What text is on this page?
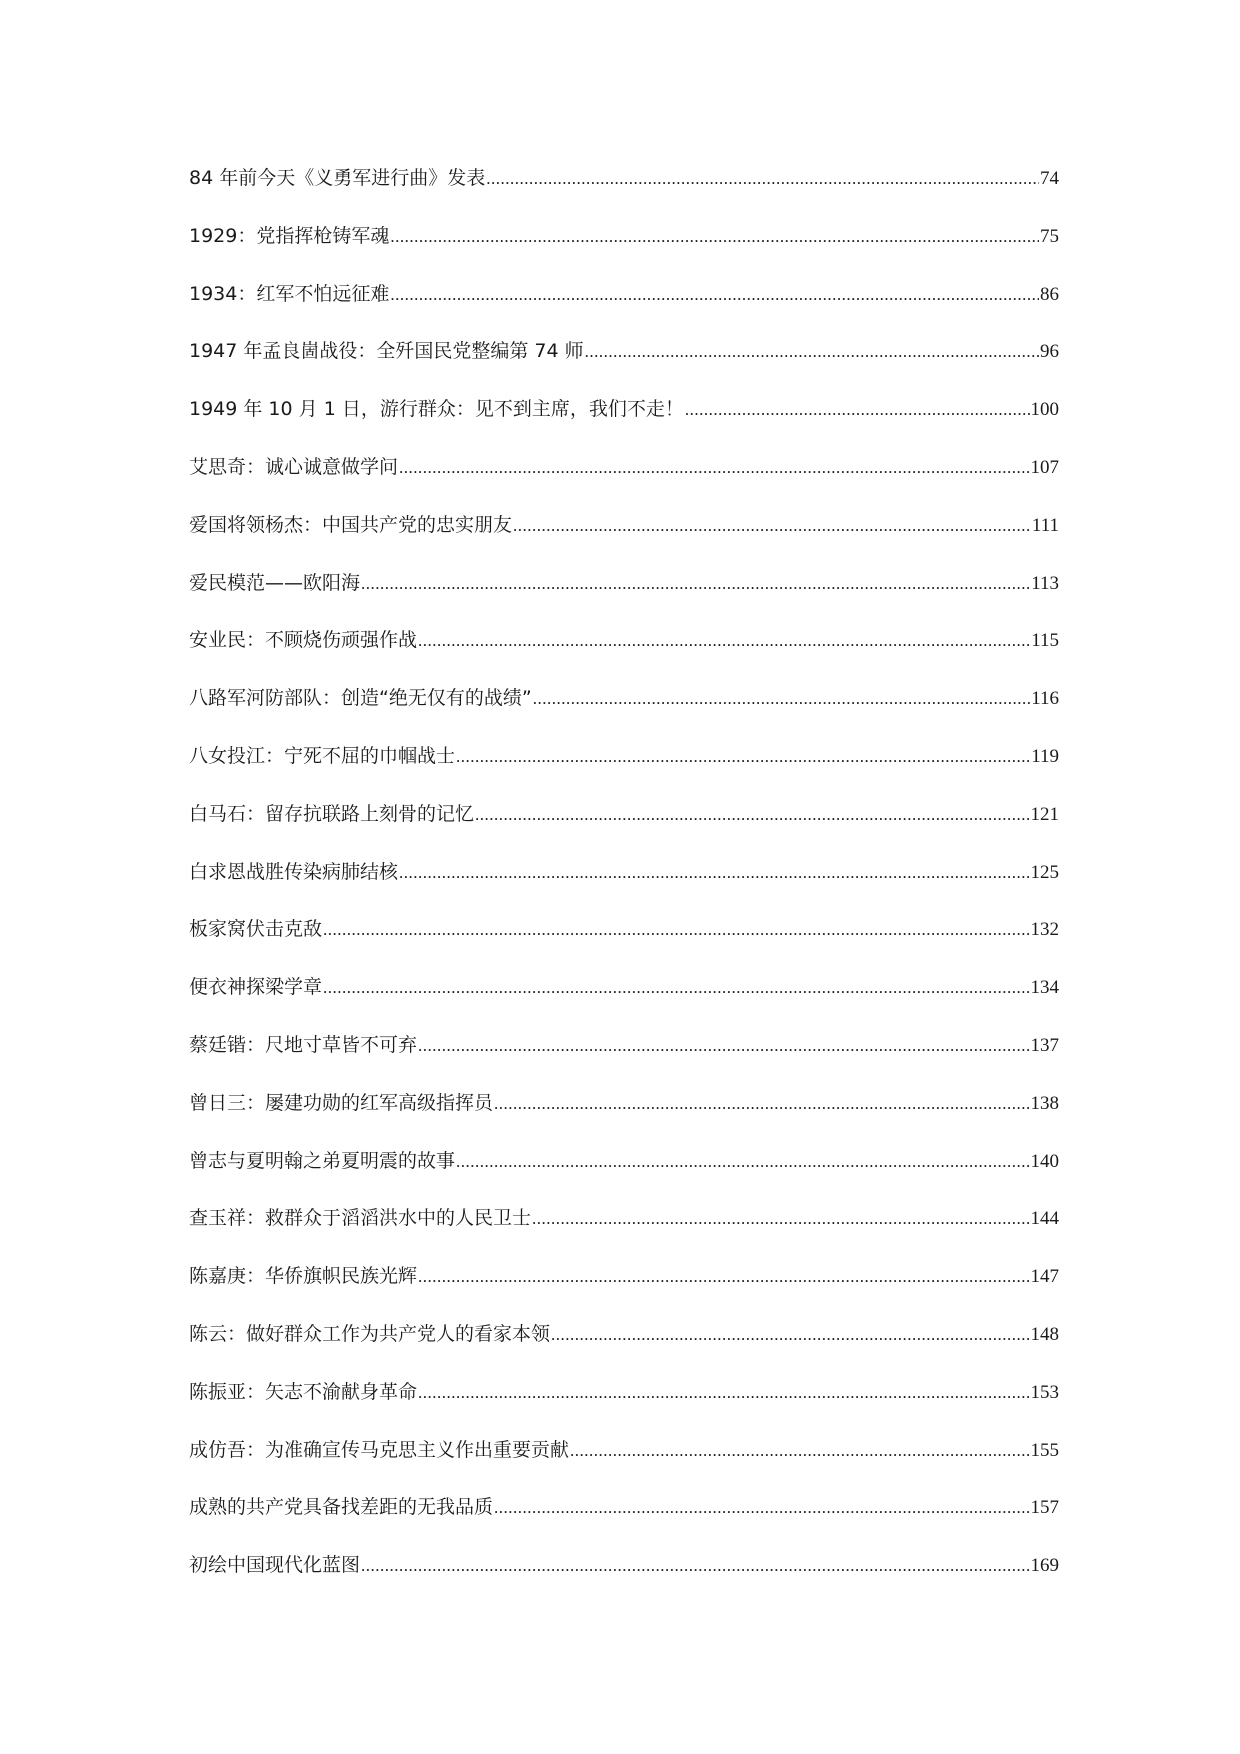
84 年前今天《义勇军进行曲》发表 .....	74
1929：党指挥枪铸军魂 .....	75
1934：红军不怕远征难 .....	86
1947 年孟良崮战役：全歼国民党整编第 74 师 .....	96
1949 年 10 月 1 日，游行群众：见不到主席，我们不走！ .....	100
艾思奇：诚心诚意做学问 .....	107
爱国将领杨杰：中国共产党的忠实朋友 .....	111
爱民模范——欧阳海 .....	113
安业民：不顾烧伤顽强作战 .....	115
八路军河防部队：创造“绝无仅有的战绩” .....	116
八女投江：宁死不屈的巾帼战士 .....	119
白马石：留存抗联路上刻骨的记忆 .....	121
白求恩战胜传染病肺结核 .....	125
板家窝伏击克敌 .....	132
便衣神探梁学章 .....	134
蔡廷锴：尺地寸草皆不可弃 .....	137
曾日三：屡建功勋的红军高级指挥员 .....	138
曾志与夏明翰之弟夏明震的故事 .....	140
查玉祥：救群众于滔滔洪水中的人民卫士 .....	144
陈嘉庚：华侨旗帜民族光辉 .....	147
陈云：做好群众工作为共产党人的看家本领 .....	148
陈振亚：矢志不渝献身革命 .....	153
成仿吾：为准确宣传马克思主义作出重要贡献 .....	155
成熟的共产党具备找差距的无我品质 .....	157
初绘中国现代化蓝图 .....	169
